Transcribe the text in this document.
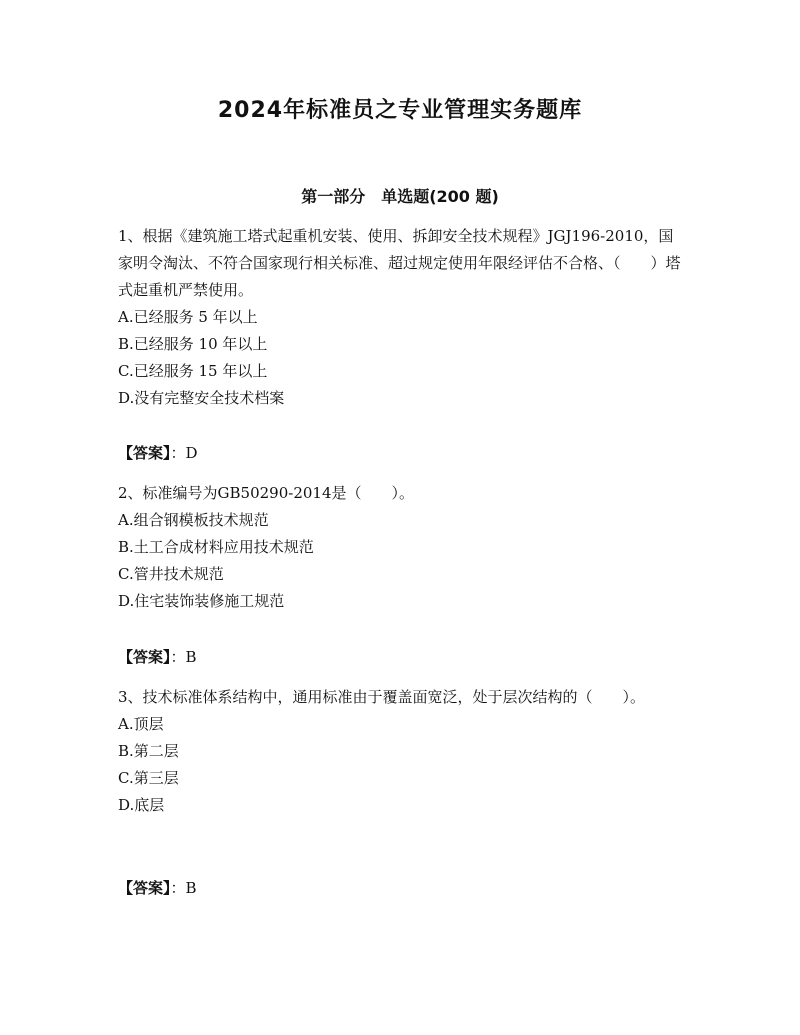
2024年标准员之专业管理实务题库
第一部分　单选题(200 题)

1、根据《建筑施工塔式起重机安装、使用、拆卸安全技术规程》JGJ196-2010，国家明令淘汰、不符合国家现行相关标准、超过规定使用年限经评估不合格、（　　）塔式起重机严禁使用。

A.已经服务 5 年以上

B.已经服务 10 年以上

C.已经服务 15 年以上

D.没有完整安全技术档案

【答案】：D

2、标准编号为GB50290-2014是（　　）。

A.组合钢模板技术规范

B.土工合成材料应用技术规范

C.管井技术规范

D.住宅装饰装修施工规范

【答案】：B

3、技术标准体系结构中，通用标准由于覆盖面宽泛，处于层次结构的（　　）。

A.顶层

B.第二层

C.第三层

D.底层

【答案】：B
